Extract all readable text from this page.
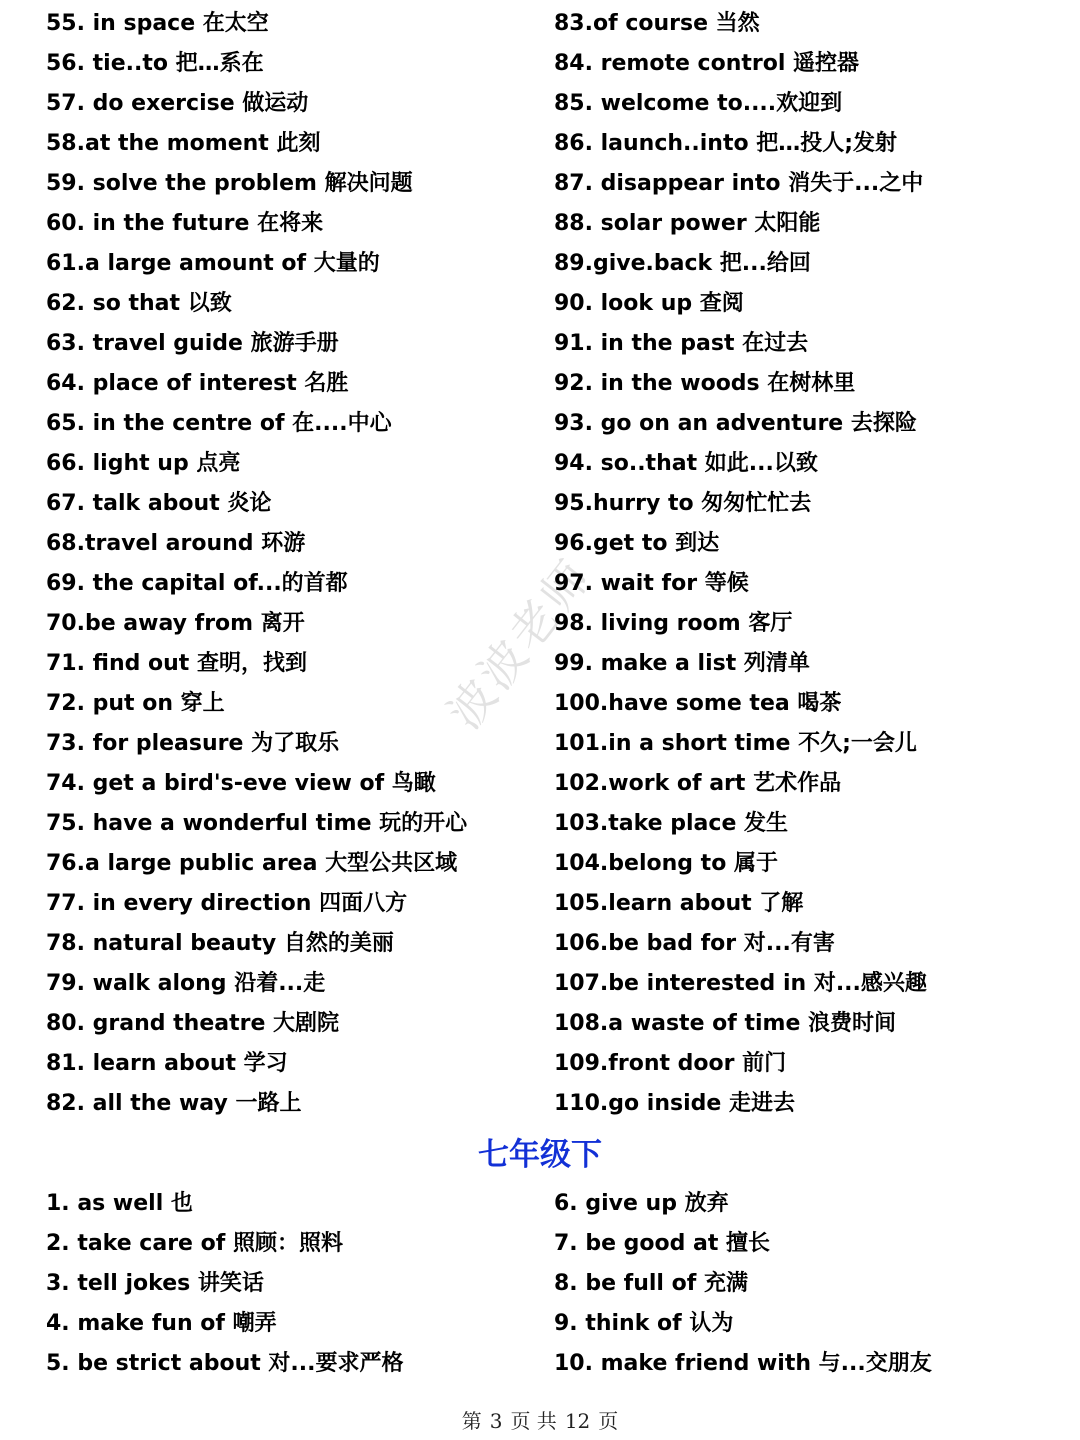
波波老师
55. in space 在太空
56. tie..to 把…系在
57. do exercise 做运动
58.at the moment 此刻
59. solve the problem 解决问题
60. in the future 在将来
61.a large amount of 大量的
62. so that 以致
63. travel guide 旅游手册
64. place of interest 名胜
65. in the centre of 在....中心
66. light up 点亮
67. talk about 炎论
68.travel around 环游
69. the capital of...的首都
70.be away from 离开
71. find out 查明，找到
72. put on 穿上
73. for pleasure 为了取乐
74. get a bird's-eve view of 鸟瞰
75. have a wonderful time 玩的开心
76.a large public area 大型公共区域
77. in every direction 四面八方
78. natural beauty 自然的美丽
79. walk along 沿着...走
80. grand theatre 大剧院
81. learn about 学习
82. all the way 一路上
83.of course 当然
84. remote control 遥控器
85. welcome to....欢迎到
86. launch..into 把…投人;发射
87. disappear into 消失于...之中
88. solar power 太阳能
89.give.back 把...给回
90. look up 查阅
91. in the past 在过去
92. in the woods 在树林里
93. go on an adventure 去探险
94. so..that 如此...以致
95.hurry to 匆匆忙忙去
96.get to 到达
97. wait for 等候
98. living room 客厅
99. make a list 列清单
100.have some tea 喝茶
101.in a short time 不久;一会儿
102.work of art 艺术作品
103.take place 发生
104.belong to 属于
105.learn about 了解
106.be bad for 对...有害
107.be interested in 对...感兴趣
108.a waste of time 浪费时间
109.front door 前门
110.go inside 走进去
七年级下
1. as well 也
2. take care of 照顾：照料
3. tell jokes 讲笑话
4. make fun of 嘲弄
5. be strict about 对...要求严格
6. give up 放弃
7. be good at 擅长
8. be full of 充满
9. think of 认为
10. make friend with 与...交朋友
第 3 页 共 12 页
